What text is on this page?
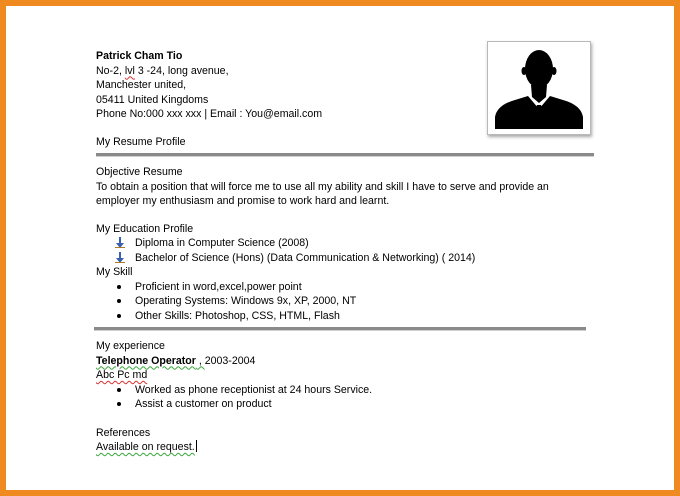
Patrick Cham Tio
No-2, lvl 3 -24, long avenue,
Manchester united,
05411 United Kingdoms
Phone No:000 xxx xxx | Email : You@email.com
My Resume Profile
Objective Resume
To obtain a position that will force me to use all my ability and skill I have to serve and provide an employer my enthusiasm and promise to work hard and learnt.
My Education Profile
Diploma in Computer Science (2008)
Bachelor of Science (Hons) (Data Communication & Networking) ( 2014)
My Skill
Proficient in word,excel,power point
Operating Systems: Windows 9x, XP, 2000, NT
Other Skills: Photoshop, CSS, HTML, Flash
My experience
Telephone Operator , 2003-2004
Abc Pc md
Worked as phone receptionist at 24 hours Service.
Assist a customer on product
References
Available on request.
